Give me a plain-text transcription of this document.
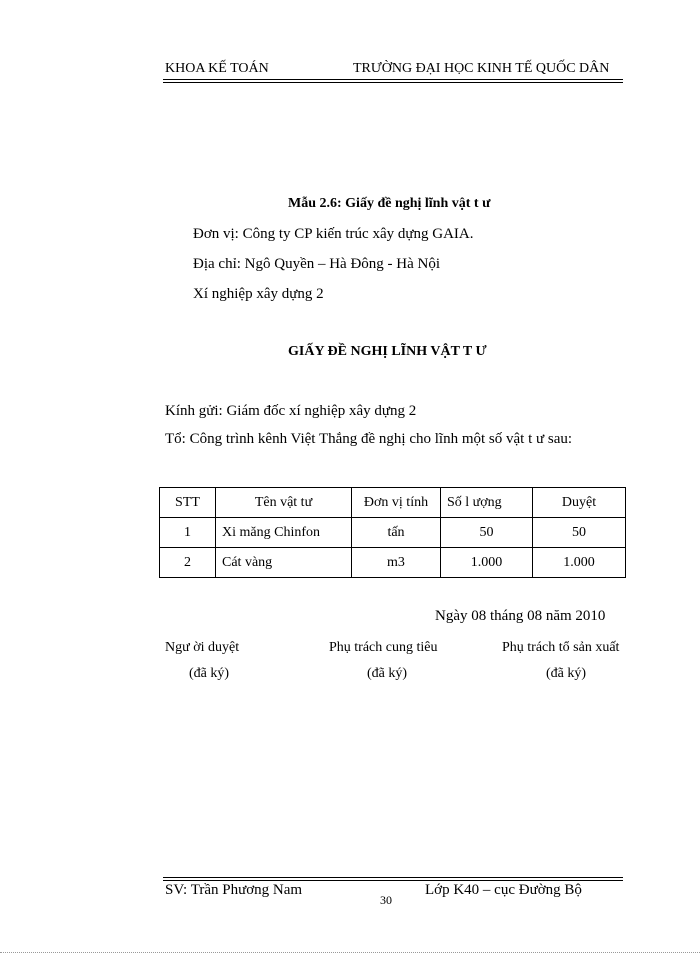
KHOA KẾ TOÁN	TRƯỜNG ĐẠI HỌC KINH TẾ QUỐC DÂN
Mẫu 2.6: Giấy đề nghị lĩnh vật t ư
Đơn vị: Công ty CP kiến trúc xây dựng GAIA.
Địa chỉ: Ngô Quyền – Hà Đông - Hà Nội
Xí nghiệp xây dựng 2
GIẤY ĐỀ NGHỊ LĨNH VẬT T Ư
Kính gửi: Giám đốc xí nghiệp xây dựng 2
Tổ: Công trình kênh Việt Thắng đề nghị cho lĩnh một số vật t ư sau:
STT	Tên vật tư	Đơn vị tính	Số l ượng	Duyệt
1	Xi măng Chinfon	tấn	50	50
2	Cát vàng	m3	1.000	1.000
Ngày 08 tháng 08 năm 2010
Ngư ời duyệt
(đã ký)
Phụ trách cung tiêu
(đã ký)
Phụ trách tổ sản xuất
(đã ký)
SV: Trần Phương Nam	Lớp K40 – cục Đường Bộ
30
